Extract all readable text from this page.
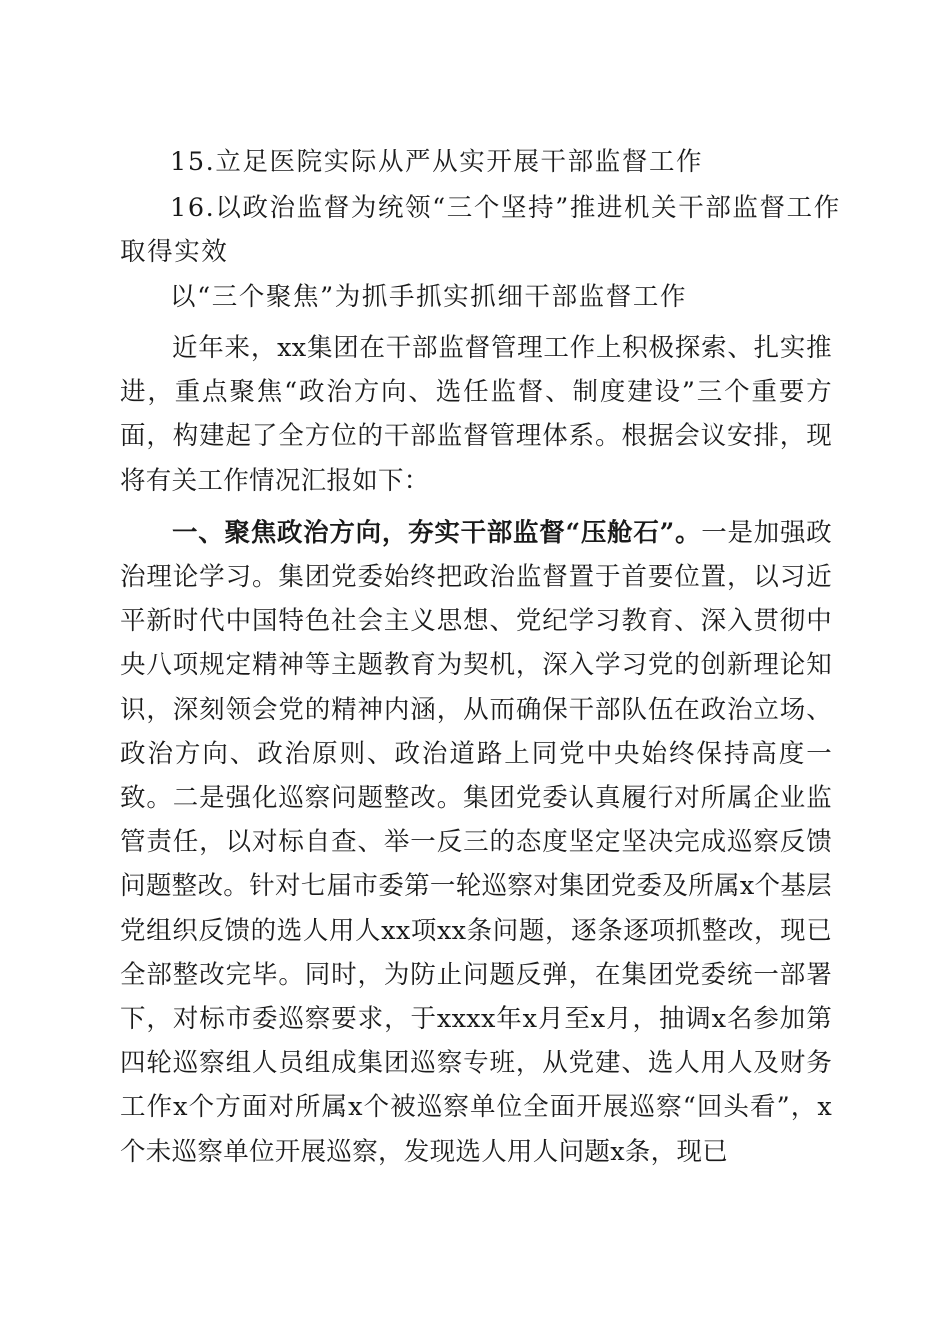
15.立足医院实际从严从实开展干部监督工作
16.以政治监督为统领“三个坚持”推进机关干部监督工作
取得实效
以“三个聚焦”为抓手抓实抓细干部监督工作

近年来，xx集团在干部监督管理工作上积极探索、扎实推进，重点聚焦“政治方向、选任监督、制度建设”三个重要方面，构建起了全方位的干部监督管理体系。根据会议安排，现将有关工作情况汇报如下：

一、聚焦政治方向，夯实干部监督“压舱石”。一是加强政治理论学习。集团党委始终把政治监督置于首要位置，以习近平新时代中国特色社会主义思想、党纪学习教育、深入贯彻中央八项规定精神等主题教育为契机，深入学习党的创新理论知识，深刻领会党的精神内涵，从而确保干部队伍在政治立场、政治方向、政治原则、政治道路上同党中央始终保持高度一致。二是强化巡察问题整改。集团党委认真履行对所属企业监管责任，以对标自查、举一反三的态度坚定坚决完成巡察反馈问题整改。针对七届市委第一轮巡察对集团党委及所属x个基层党组织反馈的选人用人xx项xx条问题，逐条逐项抓整改，现已全部整改完毕。同时，为防止问题反弹，在集团党委统一部署下，对标市委巡察要求，于xxxx年x月至x月，抽调x名参加第四轮巡察组人员组成集团巡察专班，从党建、选人用人及财务工作x个方面对所属x个被巡察单位全面开展巡察“回头看”，x个未巡察单位开展巡察，发现选人用人问题x条，现已
